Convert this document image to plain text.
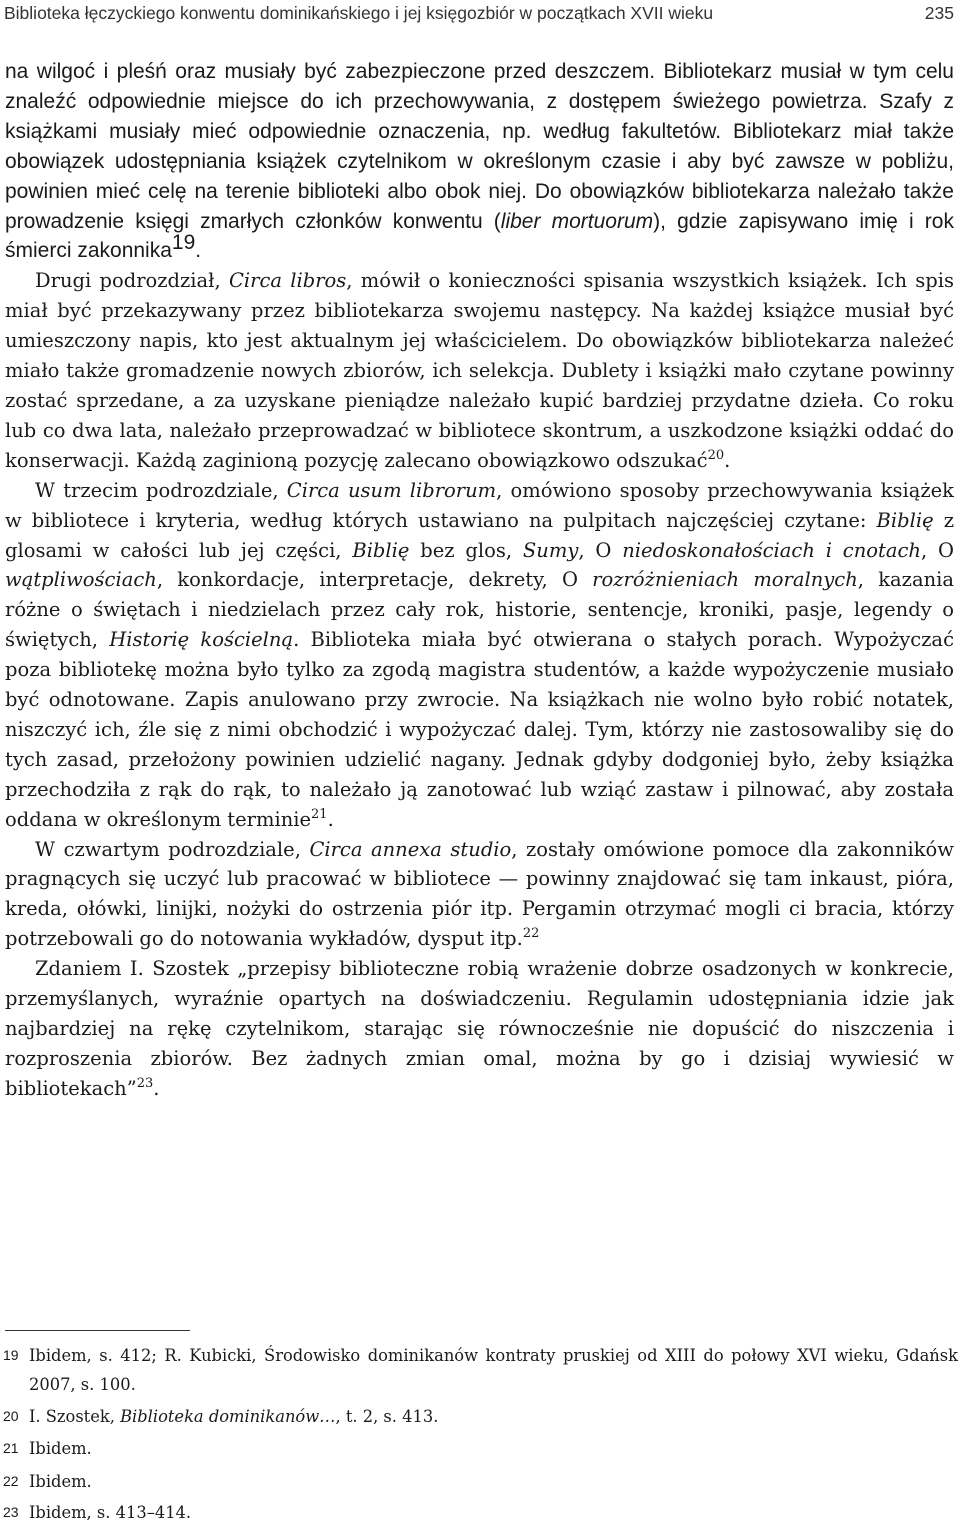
Biblioteka łęczyckiego konwentu dominikańskiego i jej księgozbiór w początkach XVII wieku	235

na wilgoć i pleśń oraz musiały być zabezpieczone przed deszczem. Bibliotekarz musiał w tym celu znaleźć odpowiednie miejsce do ich przechowywania, z dostępem świeżego powietrza. Szafy z książkami musiały mieć odpowiednie oznaczenia, np. według fakultetów. Bibliotekarz miał także obowiązek udostępniania książek czytelnikom w określonym czasie i aby być zawsze w pobliżu, powinien mieć celę na terenie biblioteki albo obok niej. Do obowiązków bibliotekarza należało także prowadzenie księgi zmarłych członków konwentu (liber mortuorum), gdzie zapisywano imię i rok śmierci zakonnika$^{19}$.

Drugi podrozdział, Circa libros, mówił o konieczności spisania wszystkich książek. Ich spis miał być przekazywany przez bibliotekarza swojemu następcy. Na każdej książce musiał być umieszczony napis, kto jest aktualnym jej właścicielem. Do obowiązków bibliotekarza należeć miało także gromadzenie nowych zbiorów, ich selekcja. Dublety i książki mało czytane powinny zostać sprzedane, a za uzyskane pieniądze należało kupić bardziej przydatne dzieła. Co roku lub co dwa lata, należało przeprowadzać w bibliotece skontrum, a uszkodzone książki oddać do konserwacji. Każdą zaginioną pozycję zalecano obowiązkowo odszukać$^{20}$.

W trzecim podrozdziale, Circa usum librorum, omówiono sposoby przechowywania książek w bibliotece i kryteria, według których ustawiano na pulpitach najczęściej czytane: Biblię z glosami w całości lub jej części, Biblię bez glos, Sumy, O niedoskonałościach i cnotach, O wątpliwościach, konkordacje, interpretacje, dekrety, O rozróżnieniach moralnych, kazania różne o świętach i niedzielach przez cały rok, historie, sentencje, kroniki, pasje, legendy o świętych, Historię kościelną. Biblioteka miała być otwierana o stałych porach. Wypożyczać poza bibliotekę można było tylko za zgodą magistra studentów, a każde wypożyczenie musiało być odnotowane. Zapis anulowano przy zwrocie. Na książkach nie wolno było robić notatek, niszczyć ich, źle się z nimi obchodzić i wypożyczać dalej. Tym, którzy nie zastosowaliby się do tych zasad, przełożony powinien udzielić nagany. Jednak gdyby dodgoniej było, żeby książka przechodziła z rąk do rąk, to należało ją zanotować lub wziąć zastaw i pilnować, aby została oddana w określonym terminie$^{21}$.

W czwartym podrozdziale, Circa annexa studio, zostały omówione pomoce dla zakonników pragnących się uczyć lub pracować w bibliotece — powinny znajdować się tam inkaust, pióra, kreda, ołówki, linijki, nożyki do ostrzenia piór itp. Pergamin otrzymać mogli ci bracia, którzy potrzebowali go do notowania wykładów, dysput itp.$^{22}$

Zdaniem I. Szostek „przepisy biblioteczne robią wrażenie dobrze osadzonych w konkrecie, przemyślanych, wyraźnie opartych na doświadczeniu. Regulamin udostępniania idzie jak najbardziej na rękę czytelnikom, starając się równocześnie nie dopuścić do niszczenia i rozproszenia zbiorów. Bez żadnych zmian omal, można by go i dzisiaj wywiesić w bibliotekach”$^{23}$.

19 Ibidem, s. 412; R. Kubicki, Środowisko dominikanów kontraty pruskiej od XIII do połowy XVI wieku, Gdańsk 2007, s. 100.
20 I. Szostek, Biblioteka dominikanów…, t. 2, s. 413.
21 Ibidem.
22 Ibidem.
23 Ibidem, s. 413–414.
